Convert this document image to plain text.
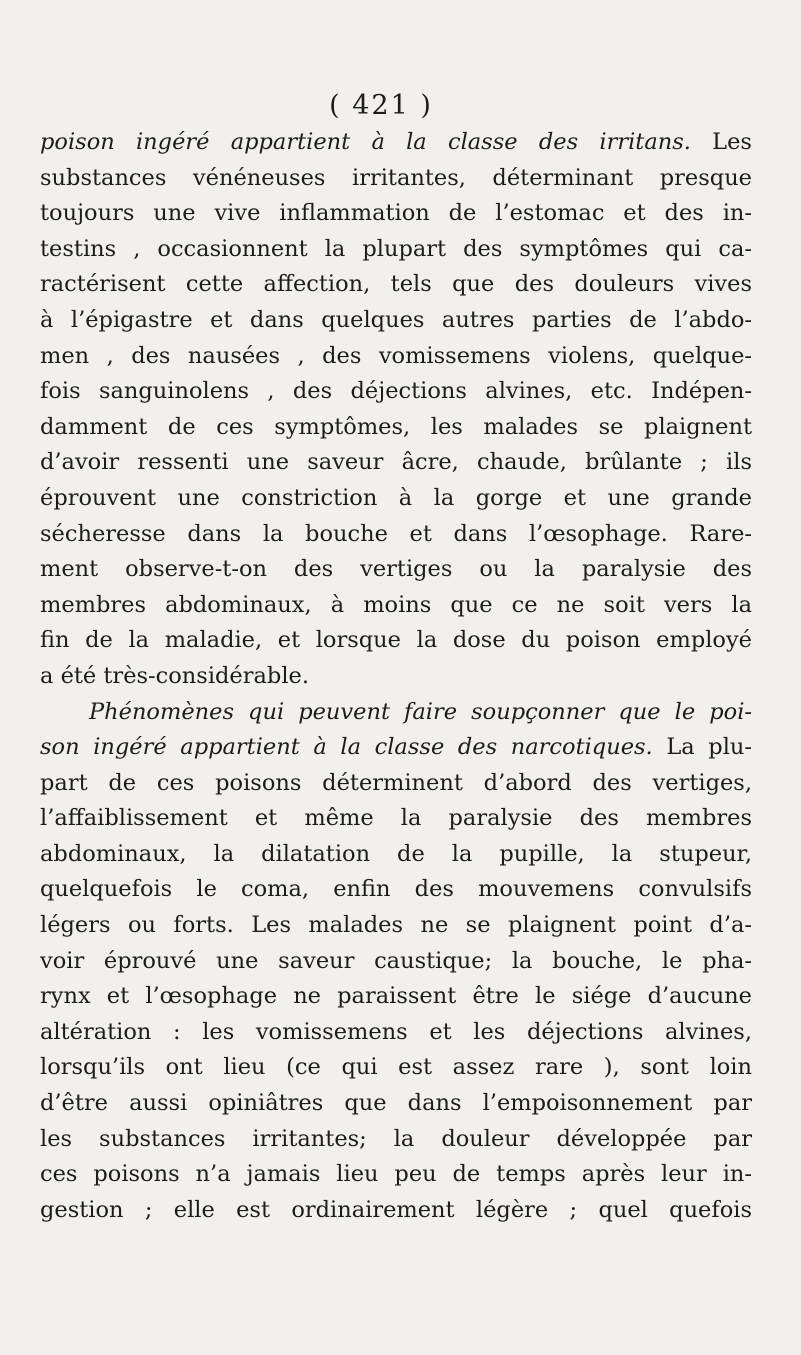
( 421 )
poison ingéré appartient à la classe des irritans. Les
substances vénéneuses irritantes, déterminant presque
toujours une vive inflammation de l’estomac et des in-
testins , occasionnent la plupart des symptômes qui ca-
ractérisent cette affection, tels que des douleurs vives
à l’épigastre et dans quelques autres parties de l’abdo-
men , des nausées , des vomissemens violens, quelque-
fois sanguinolens , des déjections alvines, etc. Indépen-
damment de ces symptômes, les malades se plaignent
d’avoir ressenti une saveur âcre, chaude, brûlante ; ils
éprouvent une constriction à la gorge et une grande
sécheresse dans la bouche et dans l’œsophage. Rare-
ment observe-t-on des vertiges ou la paralysie des
membres abdominaux, à moins que ce ne soit vers la
fin de la maladie, et lorsque la dose du poison employé
a été très-considérable.
Phénomènes qui peuvent faire soupçonner que le poi-
son ingéré appartient à la classe des narcotiques. La plu-
part de ces poisons déterminent d’abord des vertiges,
l’affaiblissement et même la paralysie des membres
abdominaux, la dilatation de la pupille, la stupeur,
quelquefois le coma, enfin des mouvemens convulsifs
légers ou forts. Les malades ne se plaignent point d’a-
voir éprouvé une saveur caustique; la bouche, le pha-
rynx et l’œsophage ne paraissent être le siége d’aucune
altération : les vomissemens et les déjections alvines,
lorsqu’ils ont lieu (ce qui est assez rare ), sont loin
d’être aussi opiniâtres que dans l’empoisonnement par
les substances irritantes; la douleur développée par
ces poisons n’a jamais lieu peu de temps après leur in-
gestion ; elle est ordinairement légère ; quel quefois
